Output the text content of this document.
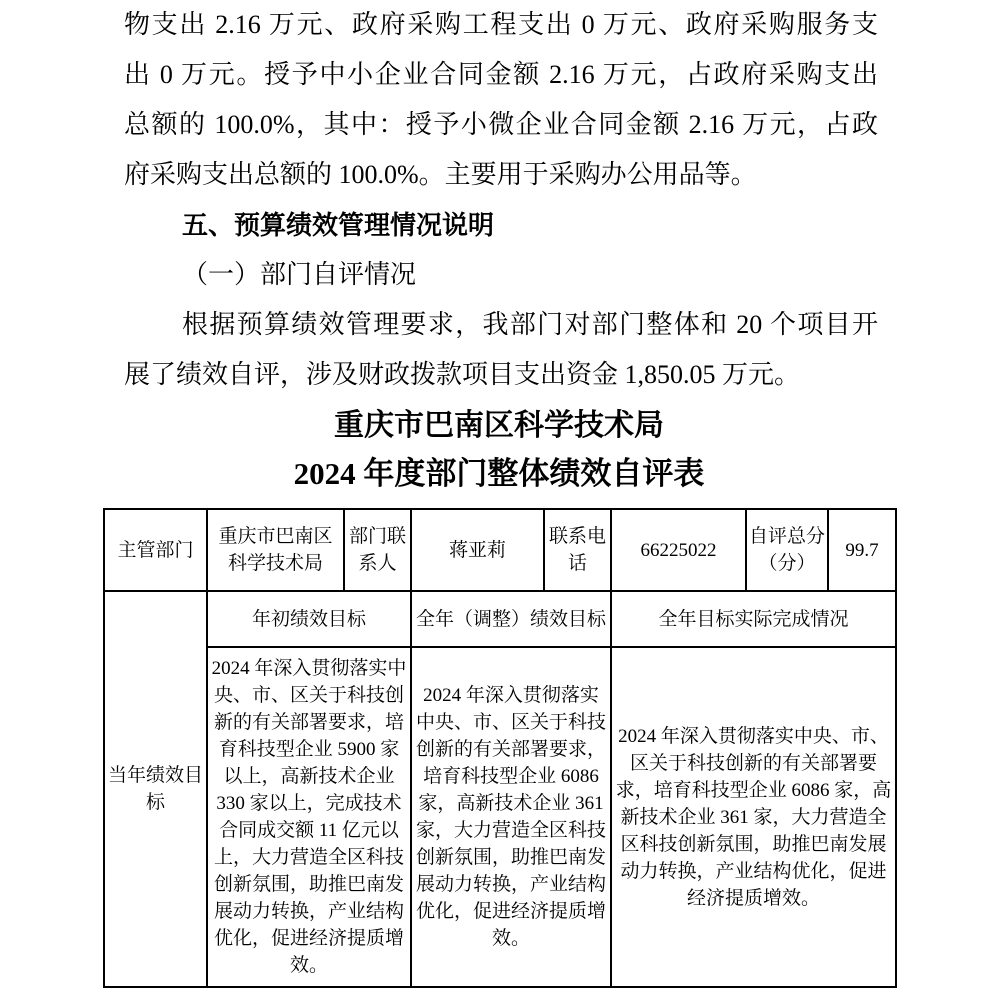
物支出 2.16 万元、政府采购工程支出 0 万元、政府采购服务支
出 0 万元。授予中小企业合同金额 2.16 万元，占政府采购支出
总额的 100.0%，其中：授予小微企业合同金额 2.16 万元，占政
府采购支出总额的 100.0%。主要用于采购办公用品等。
五、预算绩效管理情况说明
（一）部门自评情况
根据预算绩效管理要求，我部门对部门整体和 20 个项目开
展了绩效自评，涉及财政拨款项目支出资金 1,850.05 万元。
重庆市巴南区科学技术局
2024 年度部门整体绩效自评表
主管部门	重庆市巴南区科学技术局	部门联系人	蒋亚莉	联系电话	66225022	自评总分（分）	99.7
当年绩效目标	年初绩效目标		全年（调整）绩效目标		全年目标实际完成情况		
	2024 年深入贯彻落实中央、市、区关于科技创新的有关部署要求，培育科技型企业 5900 家以上，高新技术企业 330 家以上，完成技术合同成交额 11 亿元以上，大力营造全区科技创新氛围，助推巴南发展动力转换，产业结构优化，促进经济提质增效。		2024 年深入贯彻落实中央、市、区关于科技创新的有关部署要求，培育科技型企业 6086 家，高新技术企业 361 家，大力营造全区科技创新氛围，助推巴南发展动力转换，产业结构优化，促进经济提质增效。		2024 年深入贯彻落实中央、市、区关于科技创新的有关部署要求，培育科技型企业 6086 家，高新技术企业 361 家，大力营造全区科技创新氛围，助推巴南发展动力转换，产业结构优化，促进经济提质增效。		
